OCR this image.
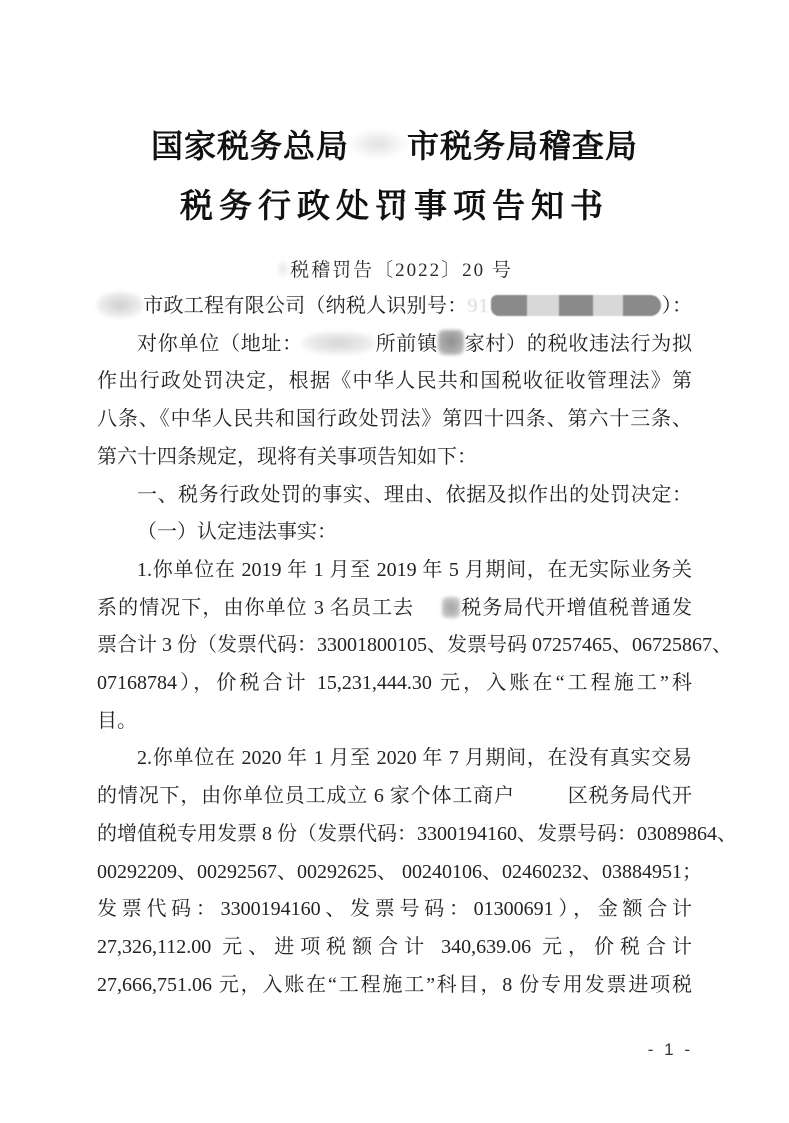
国家税务总局 市税务局稽查局
税务行政处罚事项告知书
税稽罚告〔2022〕20 号
市政工程有限公司（纳税人识别号：91	）：
对你单位（地址：	所前镇 家村）的税收违法行为拟
作出行政处罚决定，根据《中华人民共和国税收征收管理法》第
八条、《中华人民共和国行政处罚法》第四十四条、第六十三条、
第六十四条规定，现将有关事项告知如下：
一、税务行政处罚的事实、理由、依据及拟作出的处罚决定：
（一）认定违法事实：
1.你单位在 2019 年 1 月至 2019 年 5 月期间，在无实际业务关
系的情况下，由你单位 3 名员工去 税务局代开增值税普通发
票合计 3 份（发票代码：33001800105、发票号码 07257465、06725867、
07168784），价税合计 15,231,444.30 元，入账在“工程施工”科
目。
2.你单位在 2020 年 1 月至 2020 年 7 月期间，在没有真实交易
的情况下，由你单位员工成立 6 家个体工商户	区税务局代开
的增值税专用发票 8 份（发票代码：3300194160、发票号码：03089864、
00292209、00292567、00292625、 00240106、02460232、03884951；
发票代码：3300194160、发票号码：01300691），金额合计
27,326,112.00 元、进项税额合计 340,639.06 元，价税合计
27,666,751.06 元，入账在“工程施工”科目，8 份专用发票进项税
- 1 -
